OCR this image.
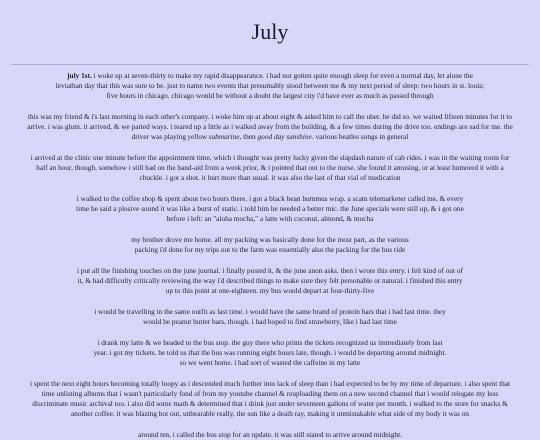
July

july 1st. i woke up at seven-thirty to make my rapid disappearance. i had not gotten quite enough sleep for even a normal day, let alone the leviathan day that this was sure to be. just to name two events that presumably stood between me & my next period of sleep: two hours in st. louis; five hours in chicago. chicago would be without a doubt the largest city i'd have ever as much as passed through

this was my friend & i's last morning in each other's company. i woke him up at about eight & asked him to call the uber. he did so. we waited fifteen minutes for it to arrive. i was glum. it arrived, & we parted ways. i teared up a little as i walked away from the building, & a few times during the drive too. endings are sad for me. the driver was playing yellow submarine, then good day sunshine. various beatles songs in general

i arrived at the clinic one minute before the appointment time, which i thought was pretty lucky given the slapdash nature of cab rides. i was in the waiting room for half an hour, though. somehow i still had on the band-aid from a week prior, & i pointed that out to the nurse. she found it amusing, or at least humored it with a chuckle. i got a shot. it hurt more than usual. it was also the last of that vial of medication

i walked to the coffee shop & spent about two hours there. i got a black bean hummus wrap. a scam telemarketer called me, & every time he said a plosive sound it was like a burst of static. i told him he needed a better mic. the June specials were still up, & i got one before i left: an "aloha mocha," a latte with coconut, almond, & mocha

my brother drove me home. all my packing was basically done for the most part, as the various packing i'd done for my trips out to the farm was essentially also the packing for the bus ride

i put all the finishing touches on the june journal. i finally posted it, & the june anon asks. then i wrote this entry. i felt kind of out of it, & had difficulty critically reviewing the way i'd described things to make sure they felt personable or natural. i finished this entry up to this point at one-eighteen. my bus would depart at four-thirty-five

i would be travelling in the same outfit as last time. i would have the same brand of protein bars that i had last time. they would be peanut butter bars, though. i had hoped to find strawberry, like i had last time

i drank my latte & we headed to the bus stop. the guy there who prints the tickets recognized us immediately from last year. i got my tickets. he told us that the bus was running eight hours late, though. i would be departing around midnight. so we went home. i had sort of wasted the caffeine in my latte

i spent the next eight hours becoming totally loopy as i descended much further into lack of sleep than i had expected to be by my time of departure. i also spent that time unlisting albums that i wasn't particularly fond of from my youtube channel & reuploading them on a new second channel that i would relegate my less discriminate music archival too. i also did some math & determined that i drink just under seventeen gallons of water per month. i walked to the store for snacks & another coffee. it was blazing hot out, unbearable really, the sun like a death ray, making it unmistakable what side of my body it was on

around ten, i called the bus stop for an update. it was still stated to arrive around midnight.
